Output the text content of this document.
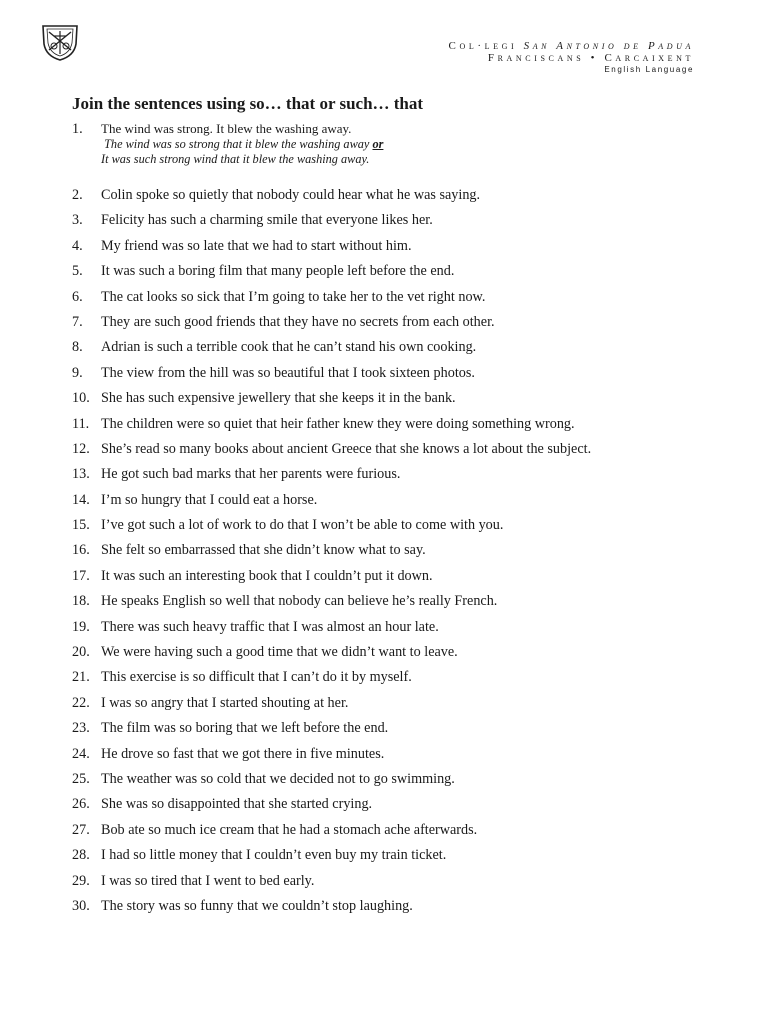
Col·legi San Antonio de Padua
Franciscans • Carcaixent
English Language
Join the sentences using so… that or such… that
1.	The wind was strong. It blew the washing away.
The wind was so strong that it blew the washing away or
It was such strong wind that it blew the washing away.
2.	Colin spoke so quietly that nobody could hear what he was saying.
3.	Felicity has such a charming smile that everyone likes her.
4.	My friend was so late that we had to start without him.
5.	It was such a boring film that many people left before the end.
6.	The cat looks so sick that I’m going to take her to the vet right now.
7.	They are such good friends that they have no secrets from each other.
8.	Adrian is such a terrible cook that he can’t stand his own cooking.
9.	The view from the hill was so beautiful that I took sixteen photos.
10. She has such expensive jewellery that she keeps it in the bank.
11. The children were so quiet that heir father knew they were doing something wrong.
12. She’s read so many books about ancient Greece that she knows a lot about the subject.
13. He got such bad marks that her parents were furious.
14. I’m so hungry that I could eat a horse.
15. I’ve got such a lot of work to do that I won’t be able to come with you.
16. She felt so embarrassed that she didn’t know what to say.
17. It was such an interesting book that I couldn’t put it down.
18. He speaks English so well that nobody can believe he’s really French.
19. There was such heavy traffic that I was almost an hour late.
20. We were having such a good time that we didn’t want to leave.
21. This exercise is so difficult that I can’t do it by myself.
22. I was so angry that I started shouting at her.
23. The film was so boring that we left before the end.
24. He drove so fast that we got there in five minutes.
25. The weather was so cold that we decided not to go swimming.
26. She was so disappointed that she started crying.
27. Bob ate so much ice cream that he had a stomach ache afterwards.
28. I had so little money that I couldn’t even buy my train ticket.
29. I was so tired that I went to bed early.
30. The story was so funny that we couldn’t stop laughing.
